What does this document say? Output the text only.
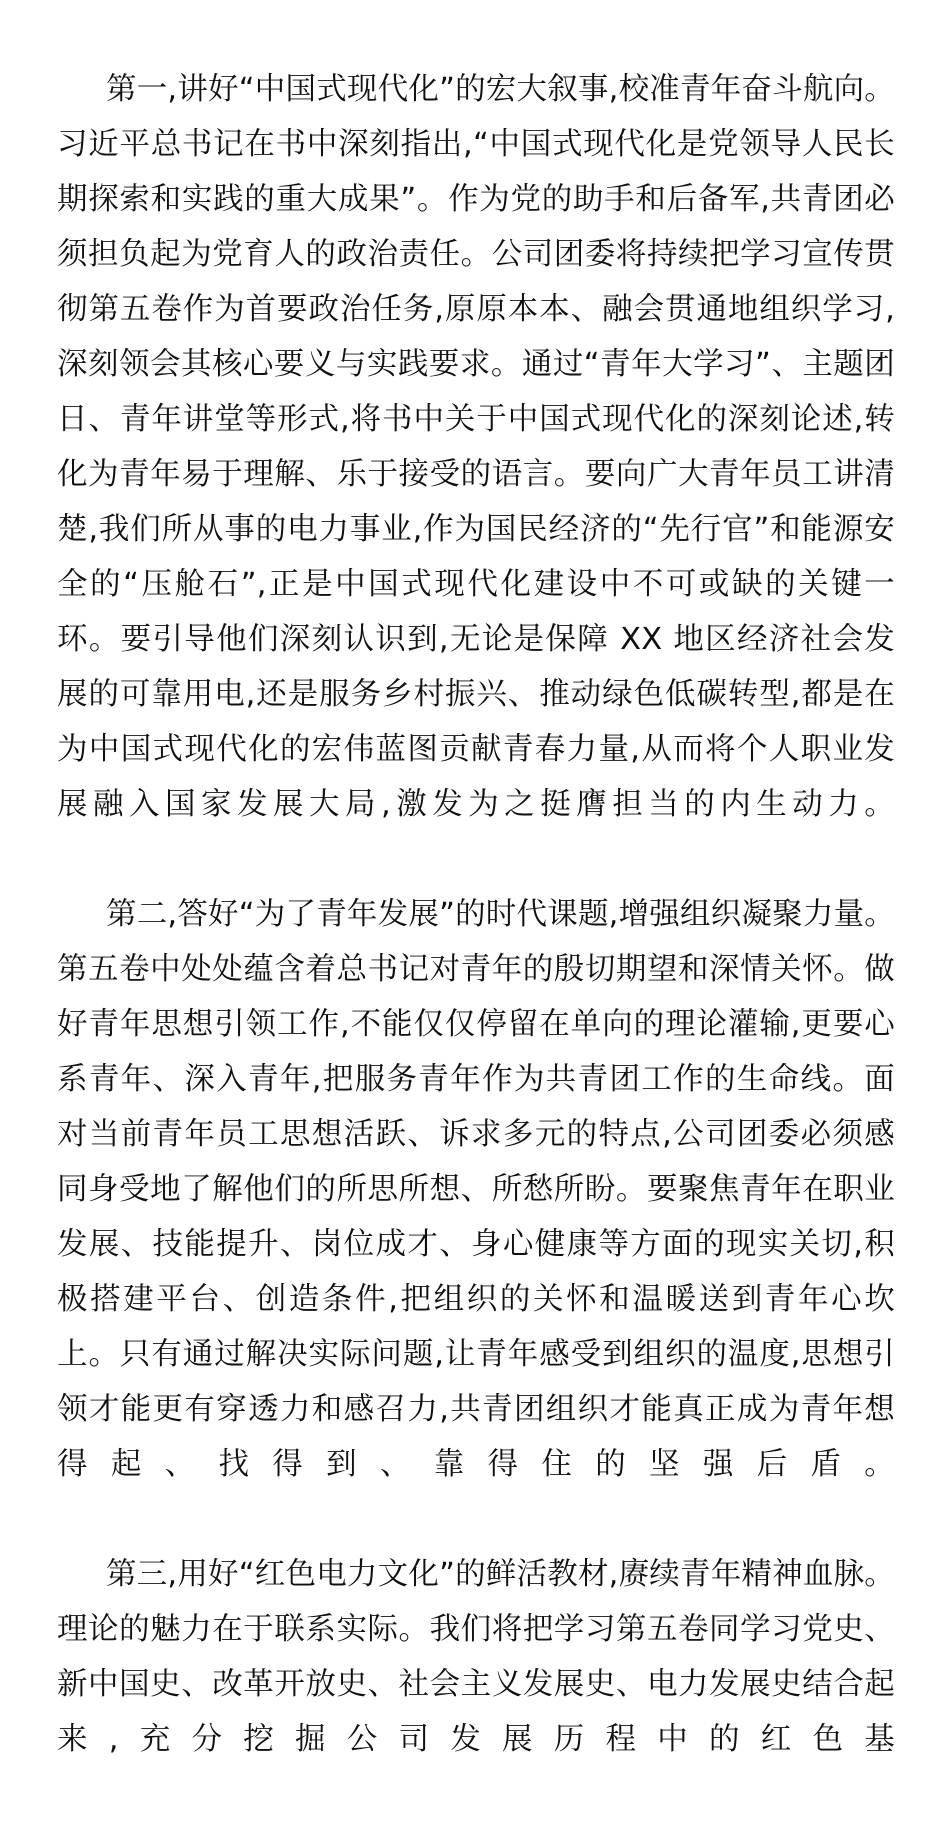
第一,讲好“中国式现代化”的宏大叙事,校准青年奋斗航向。习近平总书记在书中深刻指出,“中国式现代化是党领导人民长期探索和实践的重大成果”。作为党的助手和后备军,共青团必须担负起为党育人的政治责任。公司团委将持续把学习宣传贯彻第五卷作为首要政治任务,原原本本、融会贯通地组织学习,深刻领会其核心要义与实践要求。通过“青年大学习”、主题团日、青年讲堂等形式,将书中关于中国式现代化的深刻论述,转化为青年易于理解、乐于接受的语言。要向广大青年员工讲清楚,我们所从事的电力事业,作为国民经济的“先行官”和能源安全的“压舱石”,正是中国式现代化建设中不可或缺的关键一环。要引导他们深刻认识到,无论是保障 XX 地区经济社会发展的可靠用电,还是服务乡村振兴、推动绿色低碳转型,都是在为中国式现代化的宏伟蓝图贡献青春力量,从而将个人职业发展融入国家发展大局,激发为之挺膺担当的内生动力。

第二,答好“为了青年发展”的时代课题,增强组织凝聚力量。第五卷中处处蕴含着总书记对青年的殷切期望和深情关怀。做好青年思想引领工作,不能仅仅停留在单向的理论灌输,更要心系青年、深入青年,把服务青年作为共青团工作的生命线。面对当前青年员工思想活跃、诉求多元的特点,公司团委必须感同身受地了解他们的所思所想、所愁所盼。要聚焦青年在职业发展、技能提升、岗位成才、身心健康等方面的现实关切,积极搭建平台、创造条件,把组织的关怀和温暖送到青年心坎上。只有通过解决实际问题,让青年感受到组织的温度,思想引领才能更有穿透力和感召力,共青团组织才能真正成为青年想得起、找得到、靠得住的坚强后盾。

第三,用好“红色电力文化”的鲜活教材,赓续青年精神血脉。理论的魅力在于联系实际。我们将把学习第五卷同学习党史、新中国史、改革开放史、社会主义发展史、电力发展史结合起来,充分挖掘公司发展历程中的红色基
